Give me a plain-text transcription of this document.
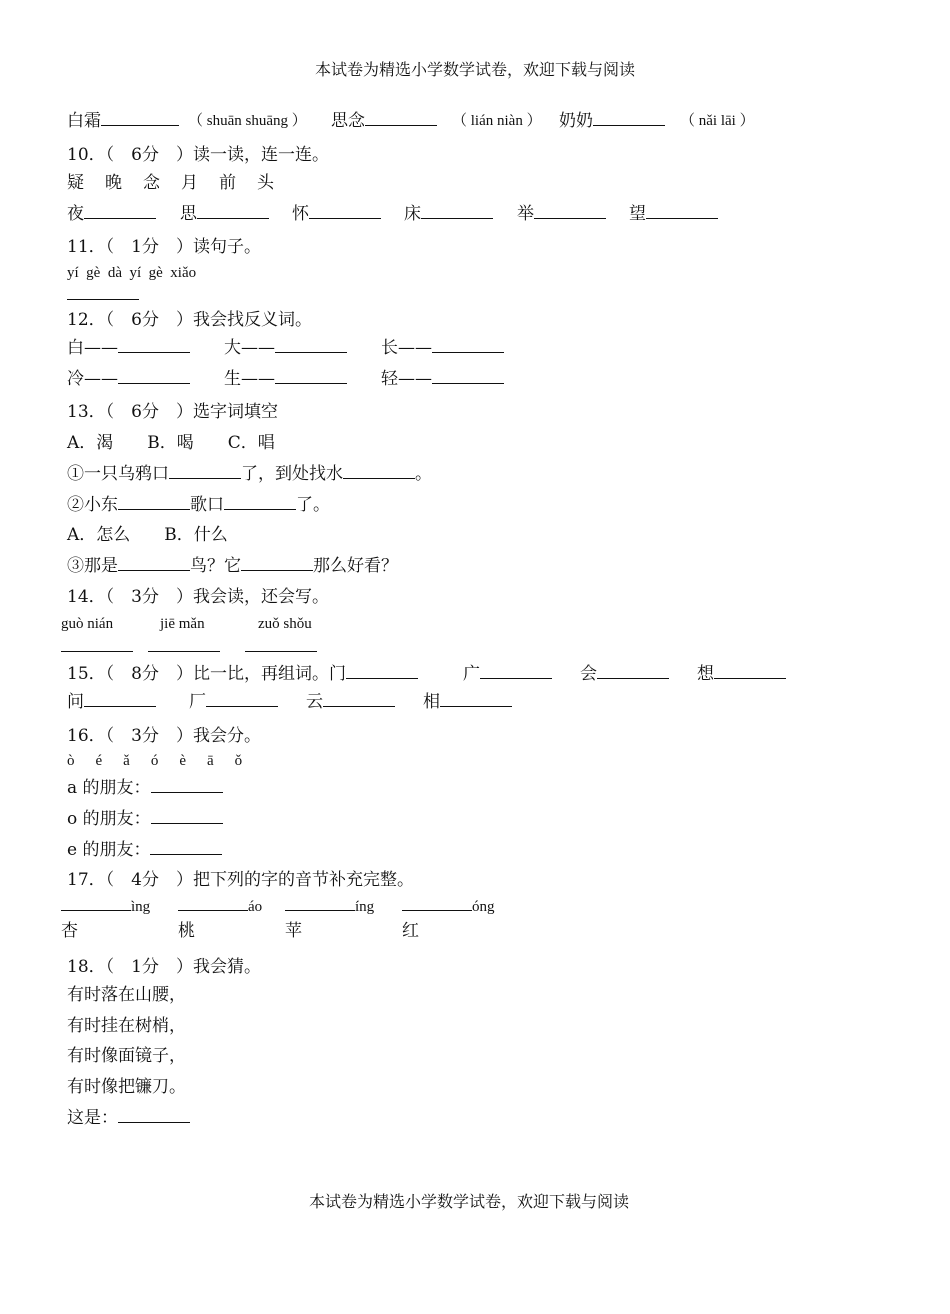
本试卷为精选小学数学试卷，欢迎下载与阅读
白霜	（ shuān shuāng ） 思念	（ lián niàn ） 奶奶	（ nǎi lāi ）
10．（　6分　）读一读，连一连。
疑　晚　念　月　前　头
夜	思	怀	床	举	望
11．（　1分　）读句子。
yí  gè  dà  yí  gè  xiǎo
12．（　6分　）我会找反义词。
白——	大——	长——
冷——	生——	轻——
13．（　6分　）选字词填空
A．渴　　B．喝　　C．唱
①一只乌鸦口	了，到处找水	。
②小东	歌口	了。
A．怎么　　B．什么
③那是	鸟？它	那么好看？
14．（　3分　）我会读，还会写。
guò nián	jiē mǎn	zuǒ shǒu
15．（　8分　）比一比，再组词。门	广	会	想
问	厂	云	相
16．（　3分　）我会分。
ò　é　ǎ　ó　è　ā　ǒ
a 的朋友：
o 的朋友：
e 的朋友：
17．（　4分　）把下列的字的音节补充完整。
ìng	áo	íng	óng
杏	桃	苹	红
18．（　1分　）我会猜。
有时落在山腰，
有时挂在树梢，
有时像面镜子，
有时像把镰刀。
这是：
本试卷为精选小学数学试卷，欢迎下载与阅读
